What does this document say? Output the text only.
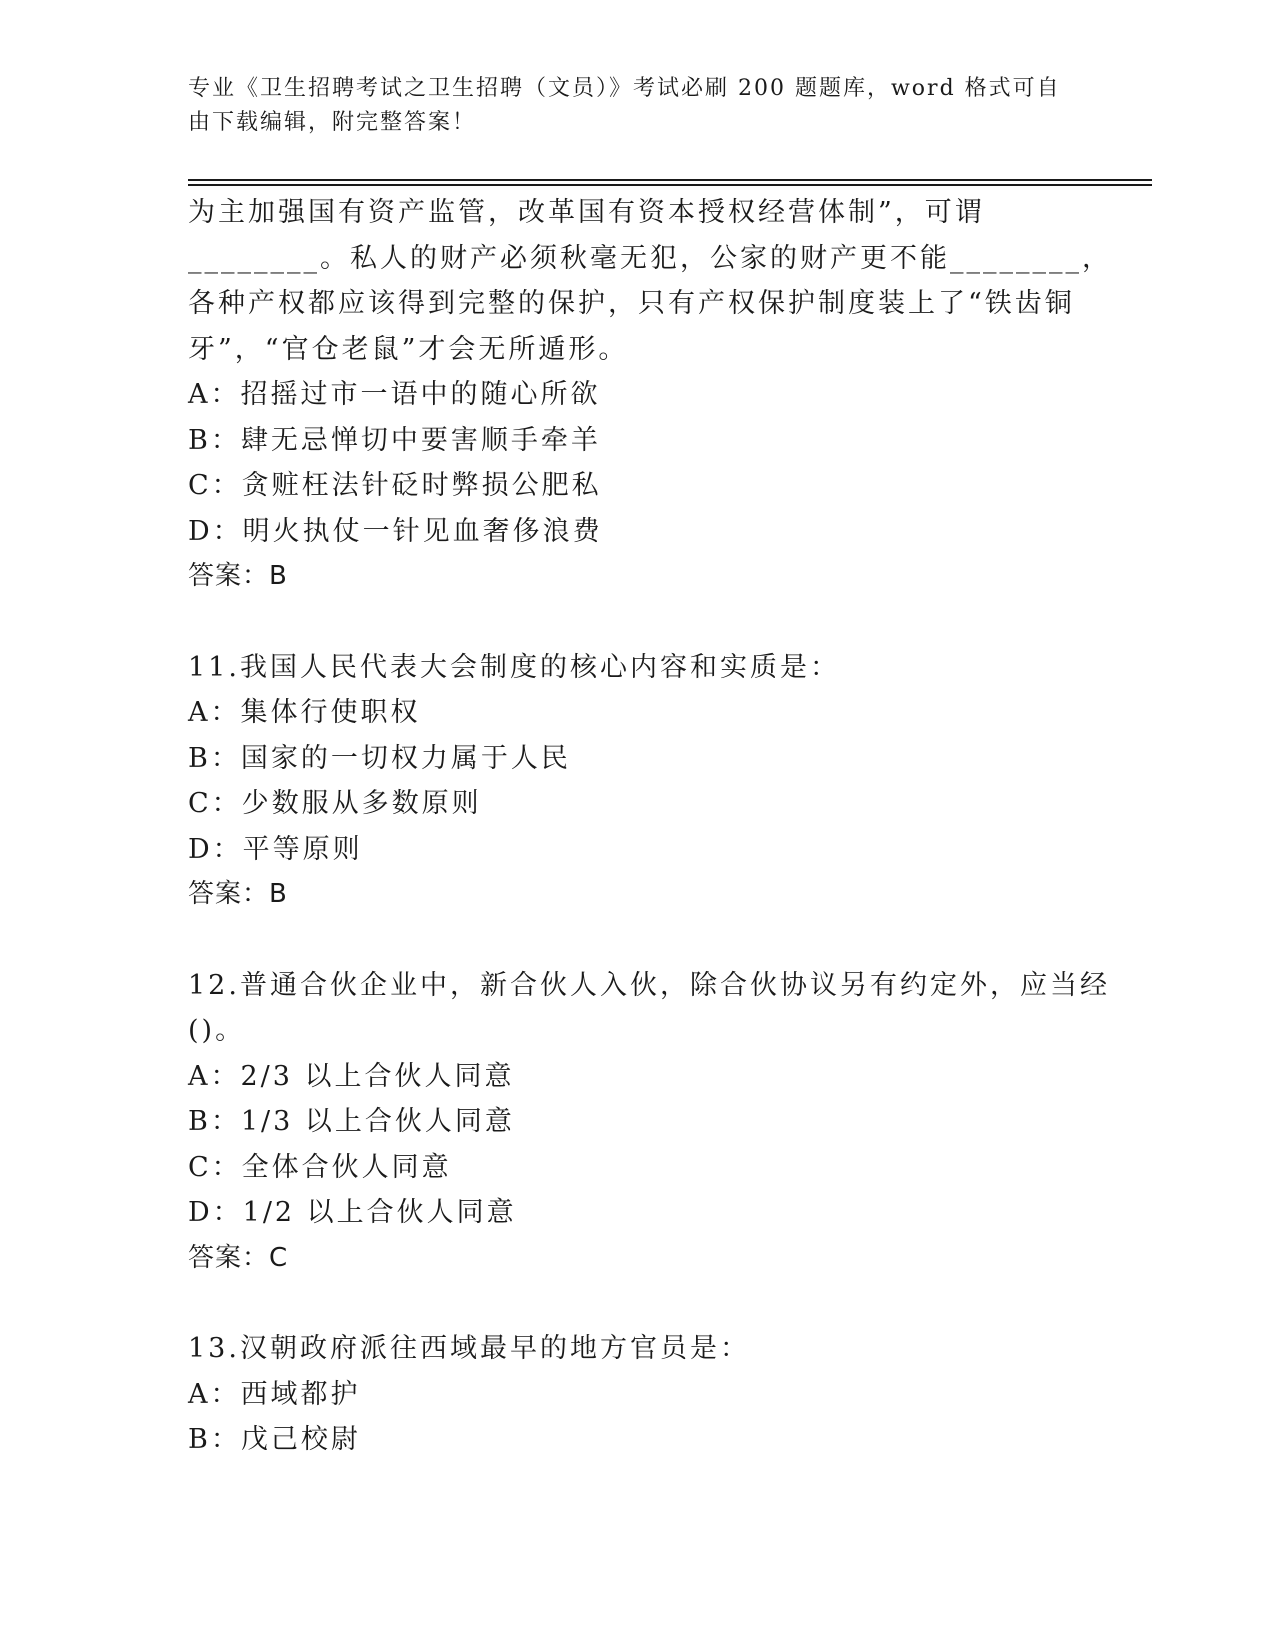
专业《卫生招聘考试之卫生招聘（文员）》考试必刷 200 题题库，word 格式可自
由下载编辑，附完整答案！
为主加强国有资产监管，改革国有资本授权经营体制”，可谓
________。私人的财产必须秋毫无犯，公家的财产更不能________，
各种产权都应该得到完整的保护，只有产权保护制度装上了“铁齿铜
牙”，“官仓老鼠”才会无所遁形。
A：招摇过市一语中的随心所欲
B：肆无忌惮切中要害顺手牵羊
C：贪赃枉法针砭时弊损公肥私
D：明火执仗一针见血奢侈浪费
答案：B
11.我国人民代表大会制度的核心内容和实质是：
A：集体行使职权
B：国家的一切权力属于人民
C：少数服从多数原则
D：平等原则
答案：B
12.普通合伙企业中，新合伙人入伙，除合伙协议另有约定外，应当经
()。
A：2/3 以上合伙人同意
B：1/3 以上合伙人同意
C：全体合伙人同意
D：1/2 以上合伙人同意
答案：C
13.汉朝政府派往西域最早的地方官员是：
A：西域都护
B：戊己校尉
